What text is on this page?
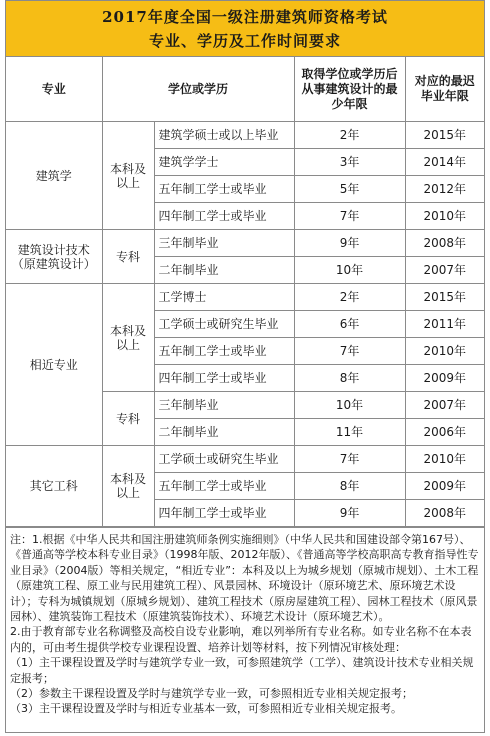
2017年度全国一级注册建筑师资格考试
专业、学历及工作时间要求
专业	学位或学历		取得学位或学历后从事建筑设计的最少年限	对应的最迟毕业年限
建筑学	本科及以上	建筑学硕士或以上毕业	2年	2015年
		建筑学学士	3年	2014年
		五年制工学士或毕业	5年	2012年
		四年制工学士或毕业	7年	2010年
建筑设计技术（原建筑设计）	专科	三年制毕业	9年	2008年
		二年制毕业	10年	2007年
相近专业	本科及以上	工学博士	2年	2015年
		工学硕士或研究生毕业	6年	2011年
		五年制工学士或毕业	7年	2010年
		四年制工学士或毕业	8年	2009年
	专科	三年制毕业	10年	2007年
		二年制毕业	11年	2006年
其它工科	本科及以上	工学硕士或研究生毕业	7年	2010年
		五年制工学士或毕业	8年	2009年
		四年制工学士或毕业	9年	2008年

注：1.根据《中华人民共和国注册建筑师条例实施细则》（中华人民共和国建设部令第167号）、《普通高等学校本科专业目录》（1998年版、2012年版）、《普通高等学校高职高专教育指导性专业目录》（2004版）等相关规定，“相近专业”：本科及以上为城乡规划（原城市规划）、土木工程（原建筑工程、原工业与民用建筑工程）、风景园林、环境设计（原环境艺术、原环境艺术设计）；专科为城镇规划（原城乡规划）、建筑工程技术（原房屋建筑工程）、园林工程技术（原风景园林）、建筑装饰工程技术（原建筑装饰技术）、环境艺术设计（原环境艺术）。

2.由于教育部专业名称调整及高校自设专业影响，难以列举所有专业名称。如专业名称不在本表内的，可由考生提供学校专业课程设置、培养计划等材料，按下列情况审核处理：

（1）主干课程设置及学时与建筑学专业一致，可参照建筑学（工学）、建筑设计技术专业相关规定报考；

（2）参数主干课程设置及学时与建筑学专业一致，可参照相近专业相关规定报考；

（3）主干课程设置及学时与相近专业基本一致，可参照相近专业相关规定报考。
